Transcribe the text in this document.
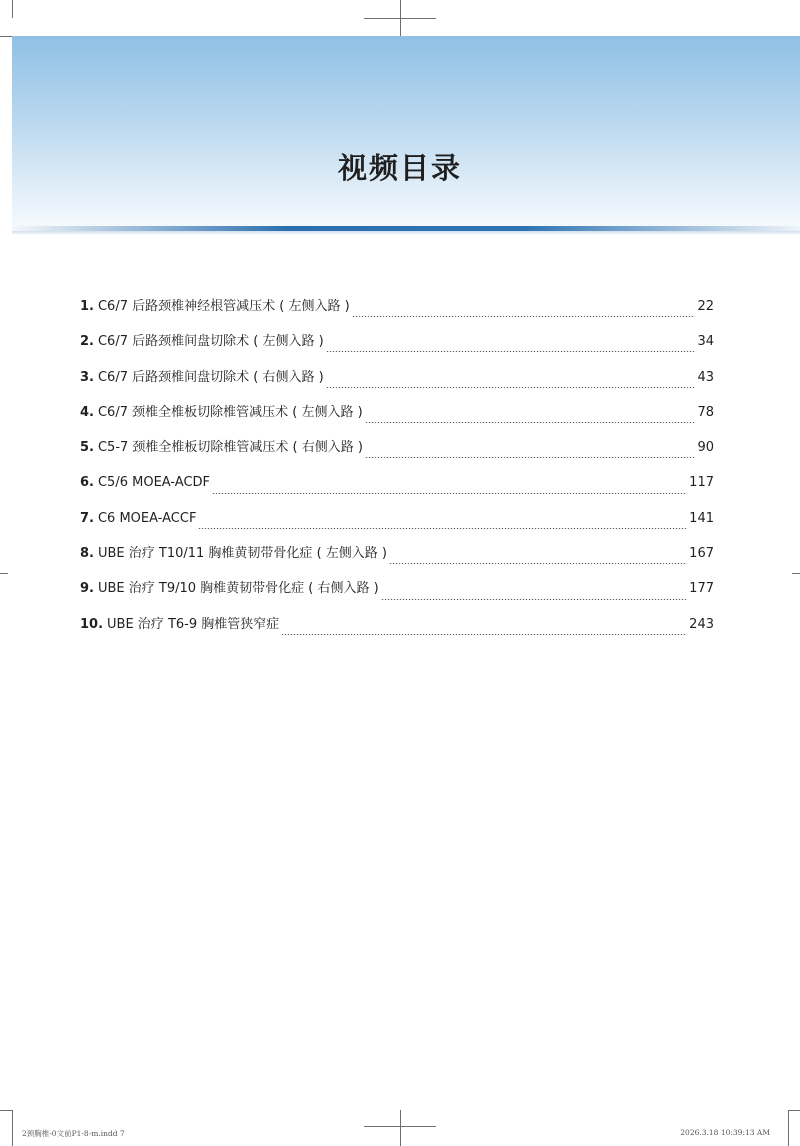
视频目录
1. C6/7 后路颈椎神经根管减压术 ( 左侧入路 )	22
2. C6/7 后路颈椎间盘切除术 ( 左侧入路 )	34
3. C6/7 后路颈椎间盘切除术 ( 右侧入路 )	43
4. C6/7 颈椎全椎板切除椎管减压术 ( 左侧入路 )	78
5. C5-7 颈椎全椎板切除椎管减压术 ( 右侧入路 )	90
6. C5/6 MOEA-ACDF	117
7. C6 MOEA-ACCF	141
8. UBE 治疗 T10/11 胸椎黄韧带骨化症 ( 左侧入路 )	167
9. UBE 治疗 T9/10 胸椎黄韧带骨化症 ( 右侧入路 )	177
10. UBE 治疗 T6-9 胸椎管狭窄症	243
2颈胸椎-0文前P1-8-m.indd 7	2026.3.18 10:39:13 AM
